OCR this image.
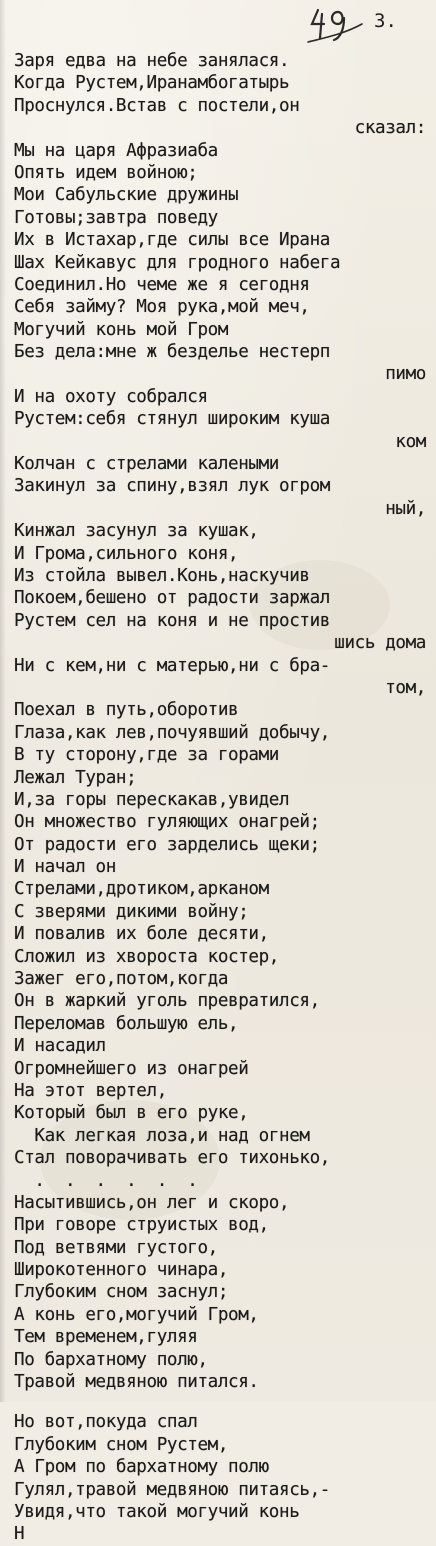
3.
Заря едва на небе занялася.
Когда Рустем,Иранамбогатырь
Проснулся.Встав с постели,он
сказал:
Мы на царя Афразиаба
Опять идем войною;
Мои Сабульские дружины
Готовы;завтра поведу
Их в Истахар,где силы все Ирана
Шах Кейкавус для гродного набега
Соединил.Но чеме же я сегодня
Себя займу? Моя рука,мой меч,
Могучий конь мой Гром
Без дела:мне ж безделье нестерп
пимо
И на охоту собрался
Рустем:себя стянул широким куша
ком
Колчан с стрелами калеными
Закинул за спину,взял лук огром
ный,
Кинжал засунул за кушак,
И Грома,сильного коня,
Из стойла вывел.Конь,наскучив
Покоем,бешено от радости заржал
Рустем сел на коня и не простив
шись дома
Ни с кем,ни с матерью,ни с бра-
том,
Поехал в путь,оборотив
Глаза,как лев,почуявший добычу,
В ту сторону,где за горами
Лежал Туран;
И,за горы перескакав,увидел
Он множество гуляющих онагрей;
От радости его зарделись щеки;
И начал он
Стрелами,дротиком,арканом
С зверями дикими войну;
И повалив их боле десяти,
Сложил из хвороста костер,
Зажег его,потом,когда
Он в жаркий уголь превратился,
Переломав большую ель,
И насадил
Огромнейшего из онагрей
На этот вертел,
Который был в его руке,
Как легкая лоза,и над огнем
Стал поворачивать его тихонько,
.  .  .  .  .  .
Насытившись,он лег и скоро,
При говоре струистых вод,
Под ветвями густого,
Широкотенного чинара,
Глубоким сном заснул;
А конь его,могучий Гром,
Тем временем,гуляя
По бархатному полю,
Травой медвяною питался.
Но вот,покуда спал
Глубоким сном Рустем,
А Гром по бархатному полю
Гулял,травой медвяною питаясь,-
Увидя,что такой могучий конь
Н
